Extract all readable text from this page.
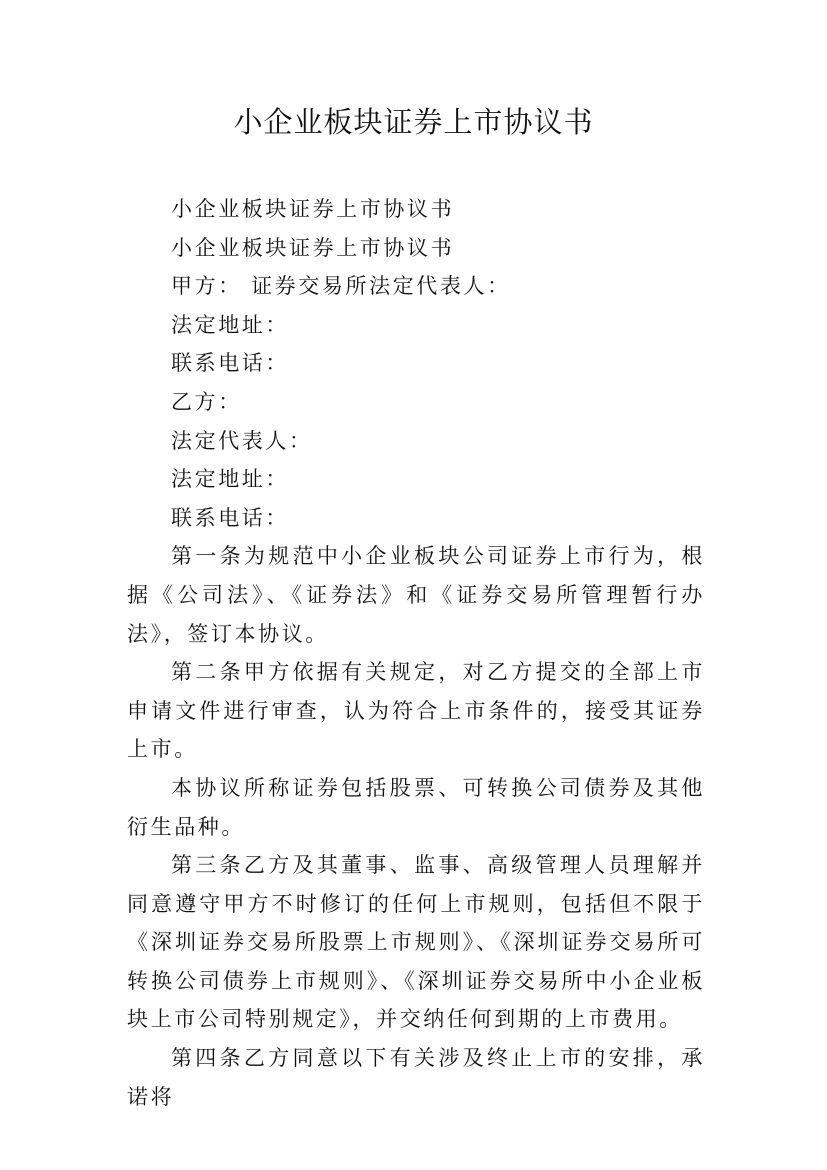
小企业板块证券上市协议书

小企业板块证券上市协议书

小企业板块证券上市协议书

甲方： 证券交易所法定代表人：

法定地址：

联系电话：

乙方：

法定代表人：

法定地址：

联系电话：

第一条为规范中小企业板块公司证券上市行为，根据《公司法》、《证券法》和《证券交易所管理暂行办法》，签订本协议。

第二条甲方依据有关规定，对乙方提交的全部上市申请文件进行审查，认为符合上市条件的，接受其证券上市。

本协议所称证券包括股票、可转换公司债券及其他衍生品种。

第三条乙方及其董事、监事、高级管理人员理解并同意遵守甲方不时修订的任何上市规则，包括但不限于《深圳证券交易所股票上市规则》、《深圳证券交易所可转换公司债券上市规则》、《深圳证券交易所中小企业板块上市公司特别规定》，并交纳任何到期的上市费用。

第四条乙方同意以下有关涉及终止上市的安排，承诺将
